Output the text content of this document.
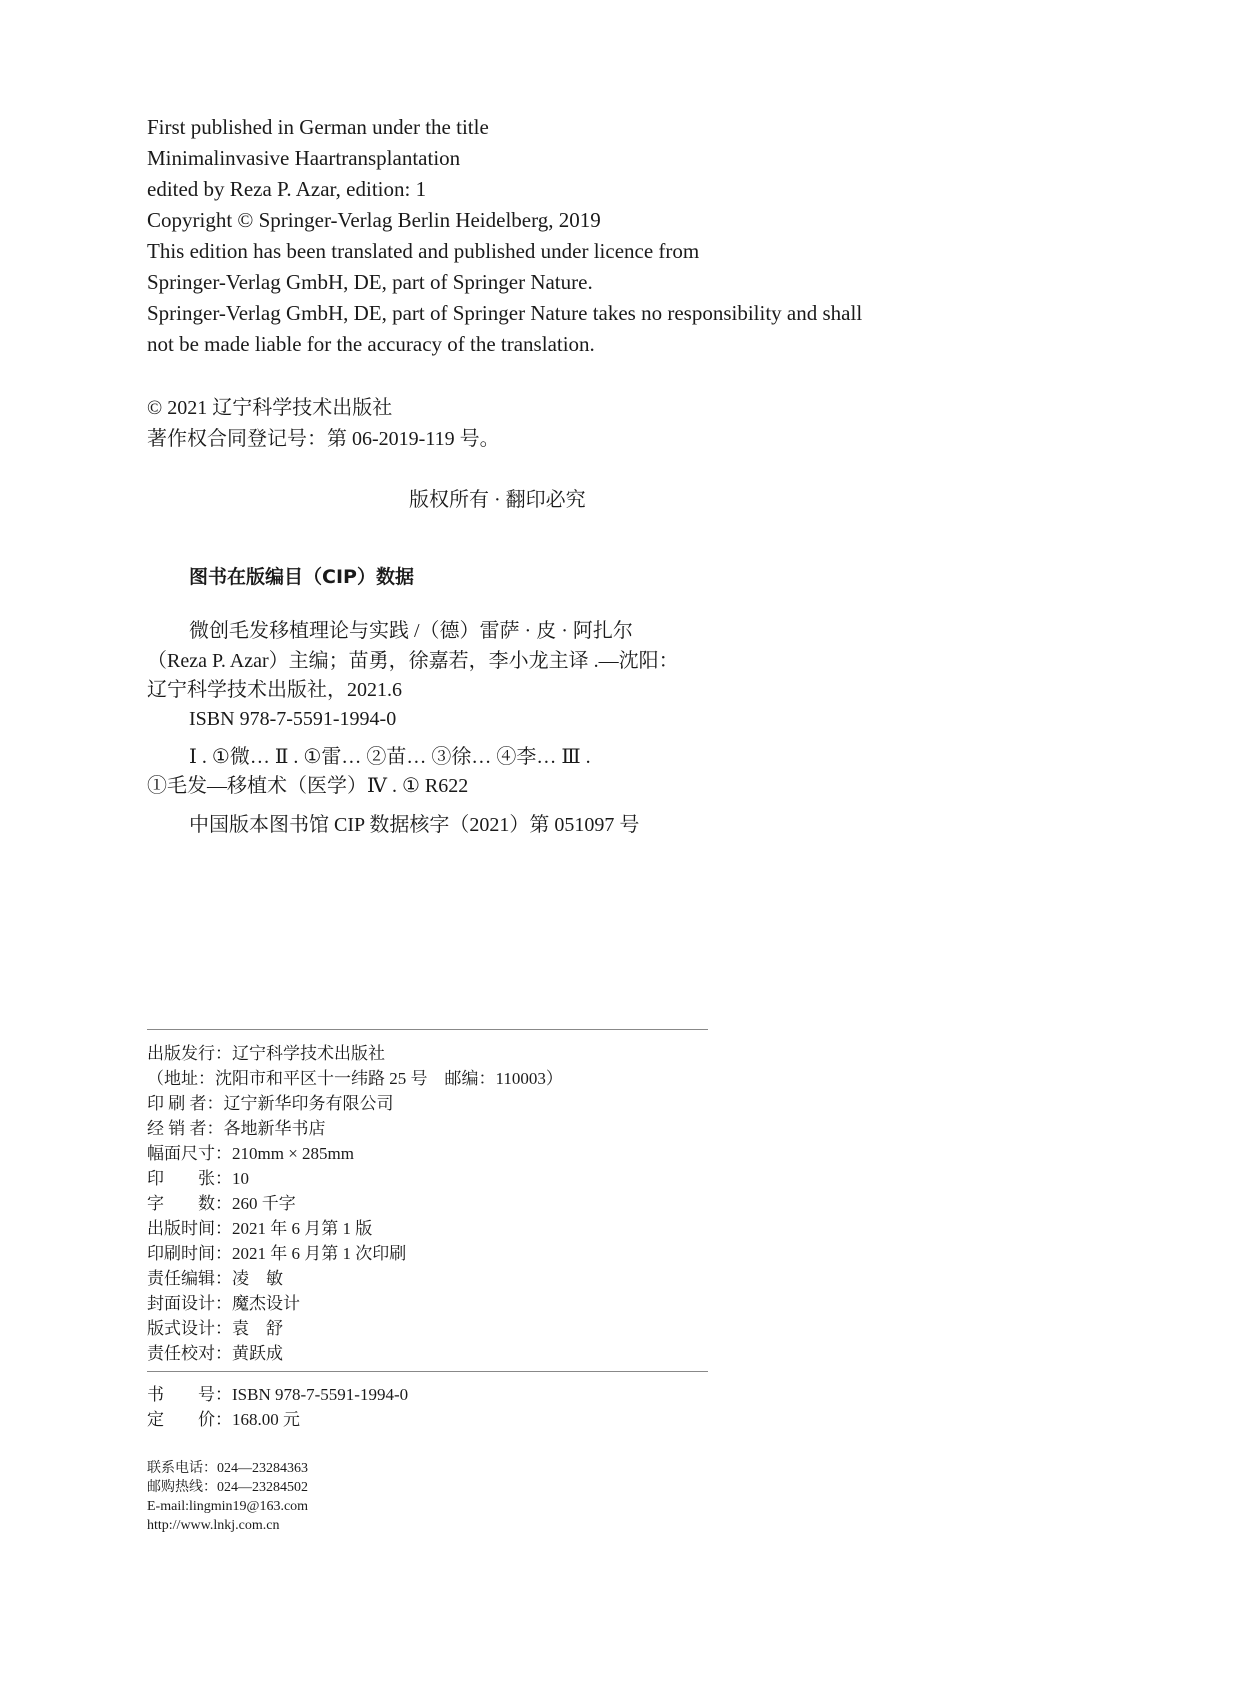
First published in German under the title
Minimalinvasive Haartransplantation
edited by Reza P. Azar, edition: 1
Copyright © Springer-Verlag Berlin Heidelberg, 2019
This edition has been translated and published under licence from
Springer-Verlag GmbH, DE, part of Springer Nature.
Springer-Verlag GmbH, DE, part of Springer Nature takes no responsibility and shall
not be made liable for the accuracy of the translation.
© 2021 辽宁科学技术出版社
著作权合同登记号：第 06-2019-119 号。
版权所有 · 翻印必究
图书在版编目（CIP）数据
微创毛发移植理论与实践 /（德）雷萨 · 皮 · 阿扎尔
（Reza P. Azar）主编；苗勇，徐嘉若，李小龙主译 .—沈阳：
辽宁科学技术出版社，2021.6
ISBN 978-7-5591-1994-0
Ⅰ . ①微… Ⅱ . ①雷… ②苗… ③徐… ④李… Ⅲ .
①毛发—移植术（医学）Ⅳ . ① R622
中国版本图书馆 CIP 数据核字（2021）第 051097 号
出版发行：辽宁科学技术出版社
（地址：沈阳市和平区十一纬路 25 号　邮编：110003）
印 刷 者：辽宁新华印务有限公司
经 销 者：各地新华书店
幅面尺寸：210mm × 285mm
印　　张：10
字　　数：260 千字
出版时间：2021 年 6 月第 1 版
印刷时间：2021 年 6 月第 1 次印刷
责任编辑：凌　敏
封面设计：魔杰设计
版式设计：袁　舒
责任校对：黄跃成
书　　号：ISBN 978-7-5591-1994-0
定　　价：168.00 元
联系电话：024—23284363
邮购热线：024—23284502
E-mail:lingmin19@163.com
http://www.lnkj.com.cn
